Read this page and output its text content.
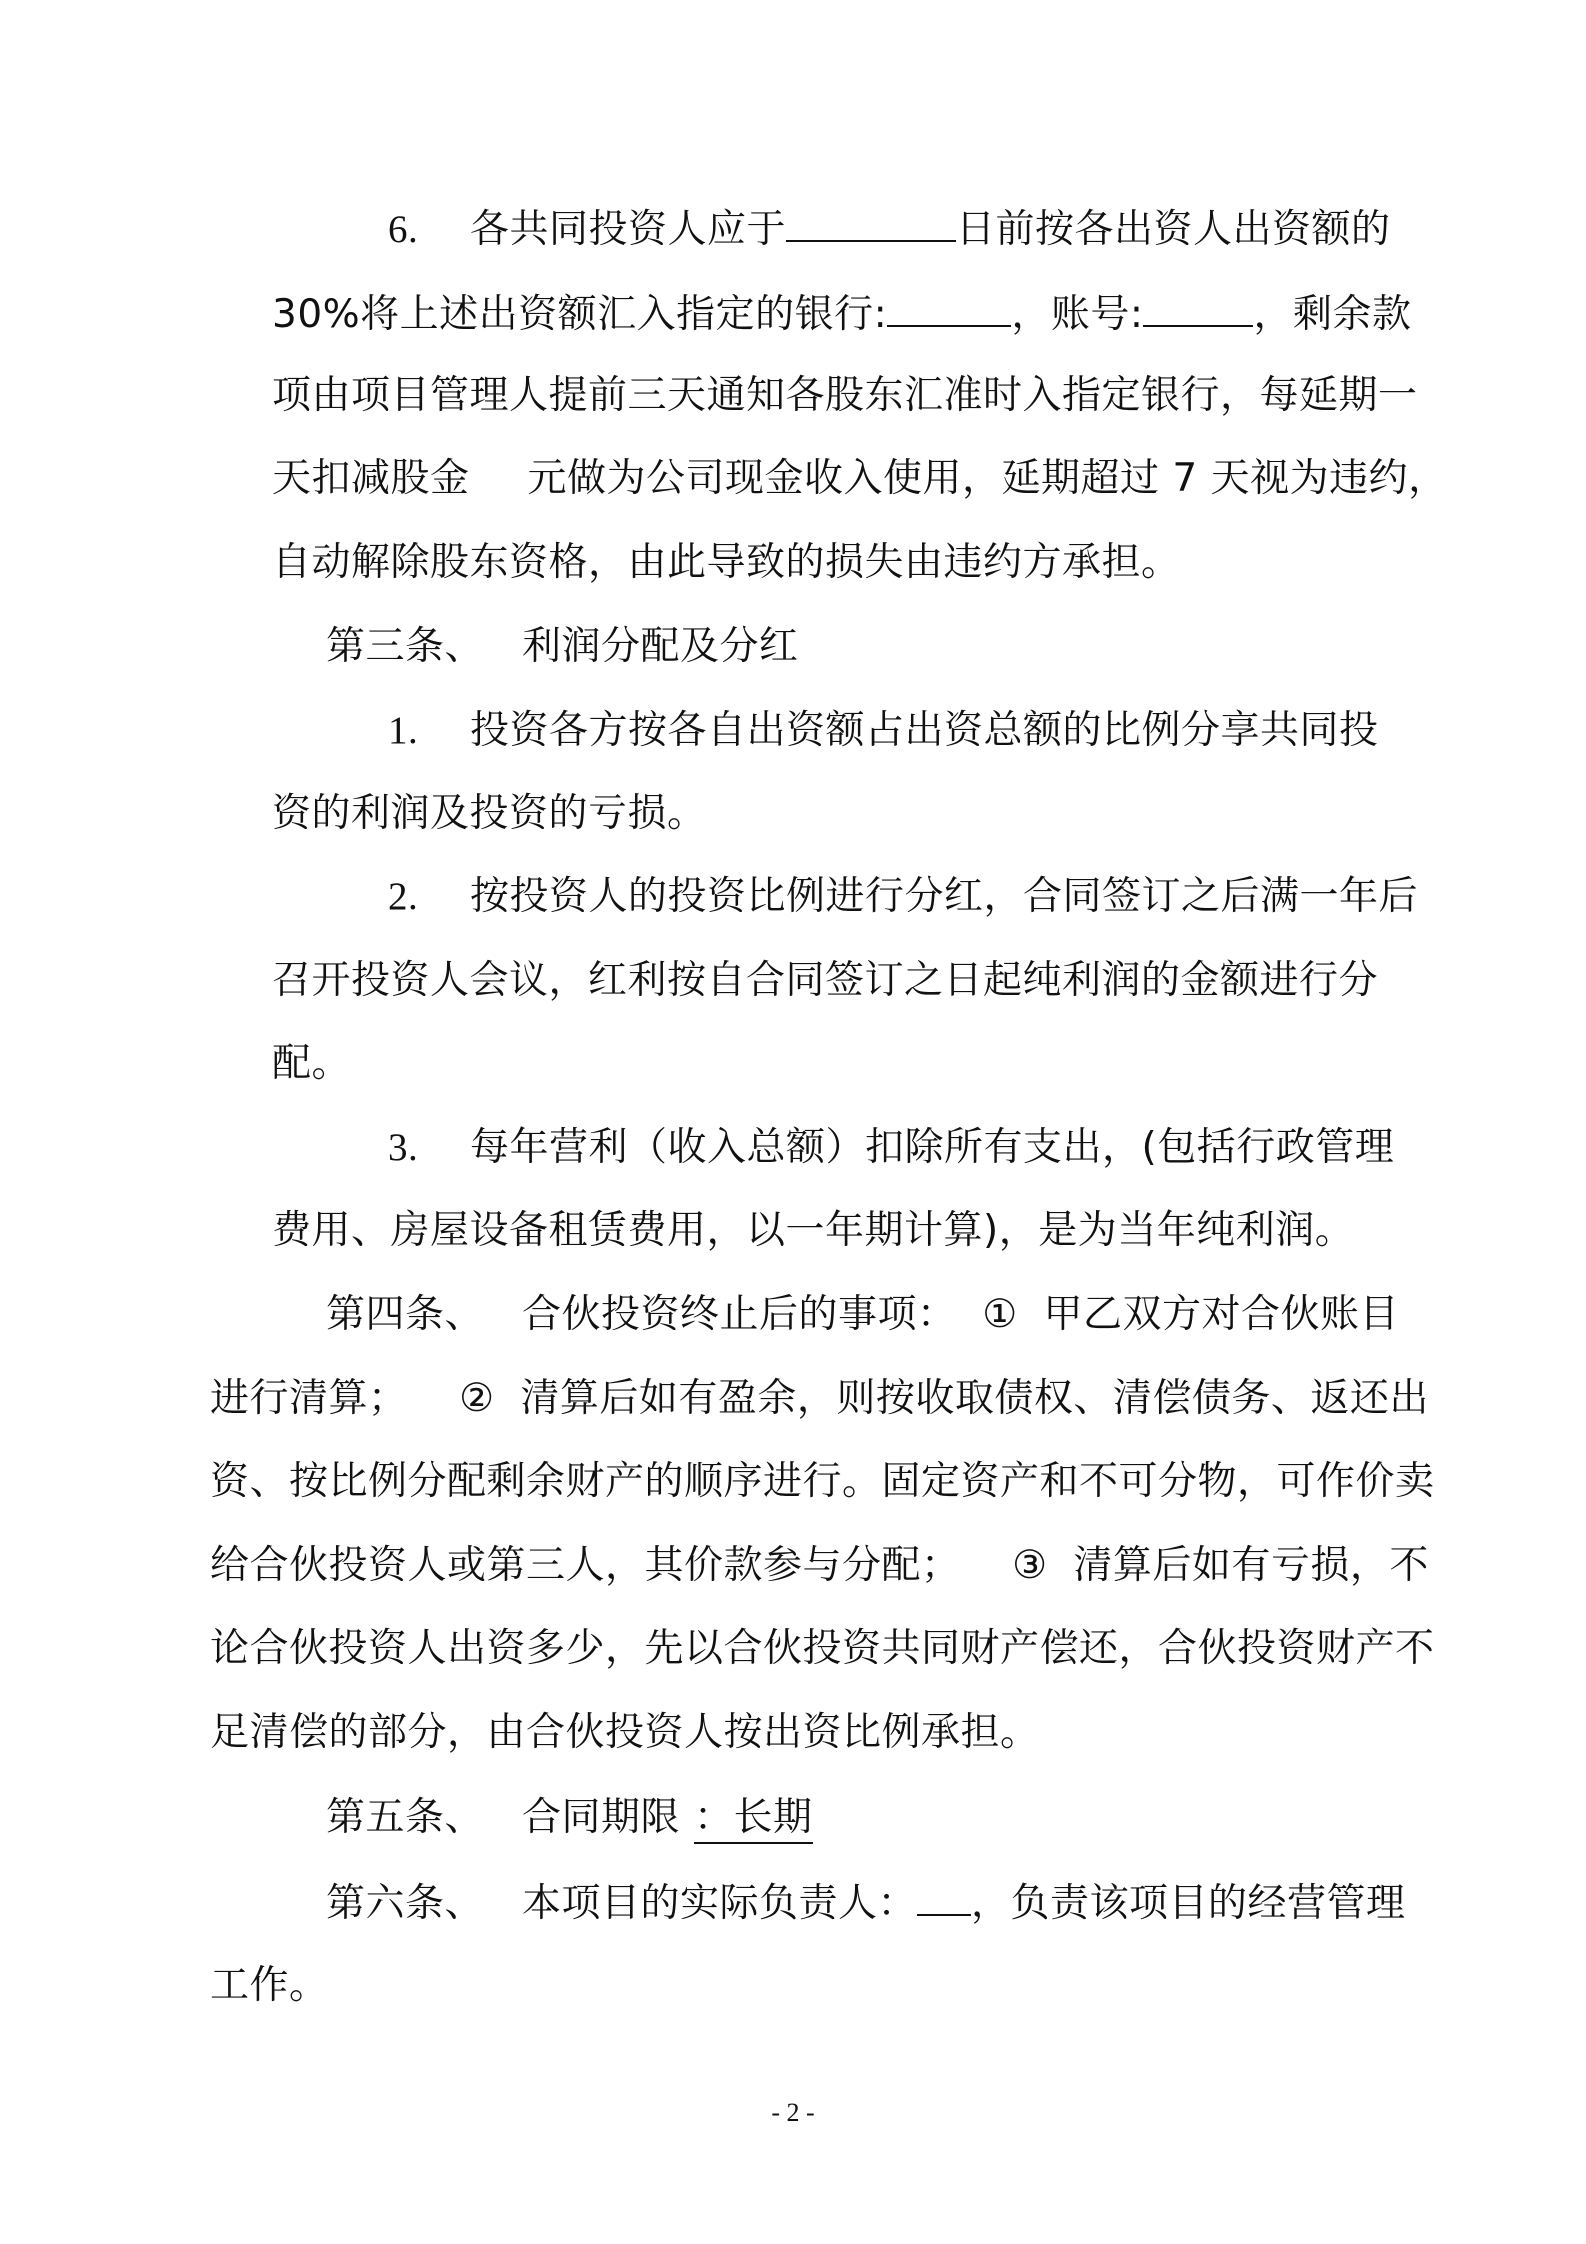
6. 各共同投资人应于	日前按各出资人出资额的
30%将上述出资额汇入指定的银行:	，账号:	，剩余款
项由项目管理人提前三天通知各股东汇准时入指定银行，每延期一
天扣减股金 元做为公司现金收入使用，延期超过 7 天视为违约，
自动解除股东资格，由此导致的损失由违约方承担。
第三条、 利润分配及分红
1. 投资各方按各自出资额占出资总额的比例分享共同投
资的利润及投资的亏损。
2. 按投资人的投资比例进行分红，合同签订之后满一年后
召开投资人会议，红利按自合同签订之日起纯利润的金额进行分
配。
3. 每年营利（收入总额）扣除所有支出，(包括行政管理
费用、房屋设备租赁费用，以一年期计算)，是为当年纯利润。
第四条、 合伙投资终止后的事项：  ①  甲乙双方对合伙账目
进行清算；    ②  清算后如有盈余，则按收取债权、清偿债务、返还出
资、按比例分配剩余财产的顺序进行。固定资产和不可分物，可作价卖
给合伙投资人或第三人，其价款参与分配；    ③  清算后如有亏损，不
论合伙投资人出资多少，先以合伙投资共同财产偿还，合伙投资财产不
足清偿的部分，由合伙投资人按出资比例承担。
第五条、 合同期限 ：长期
第六条、 本项目的实际负责人： ，负责该项目的经营管理
工作。
- 2 -
